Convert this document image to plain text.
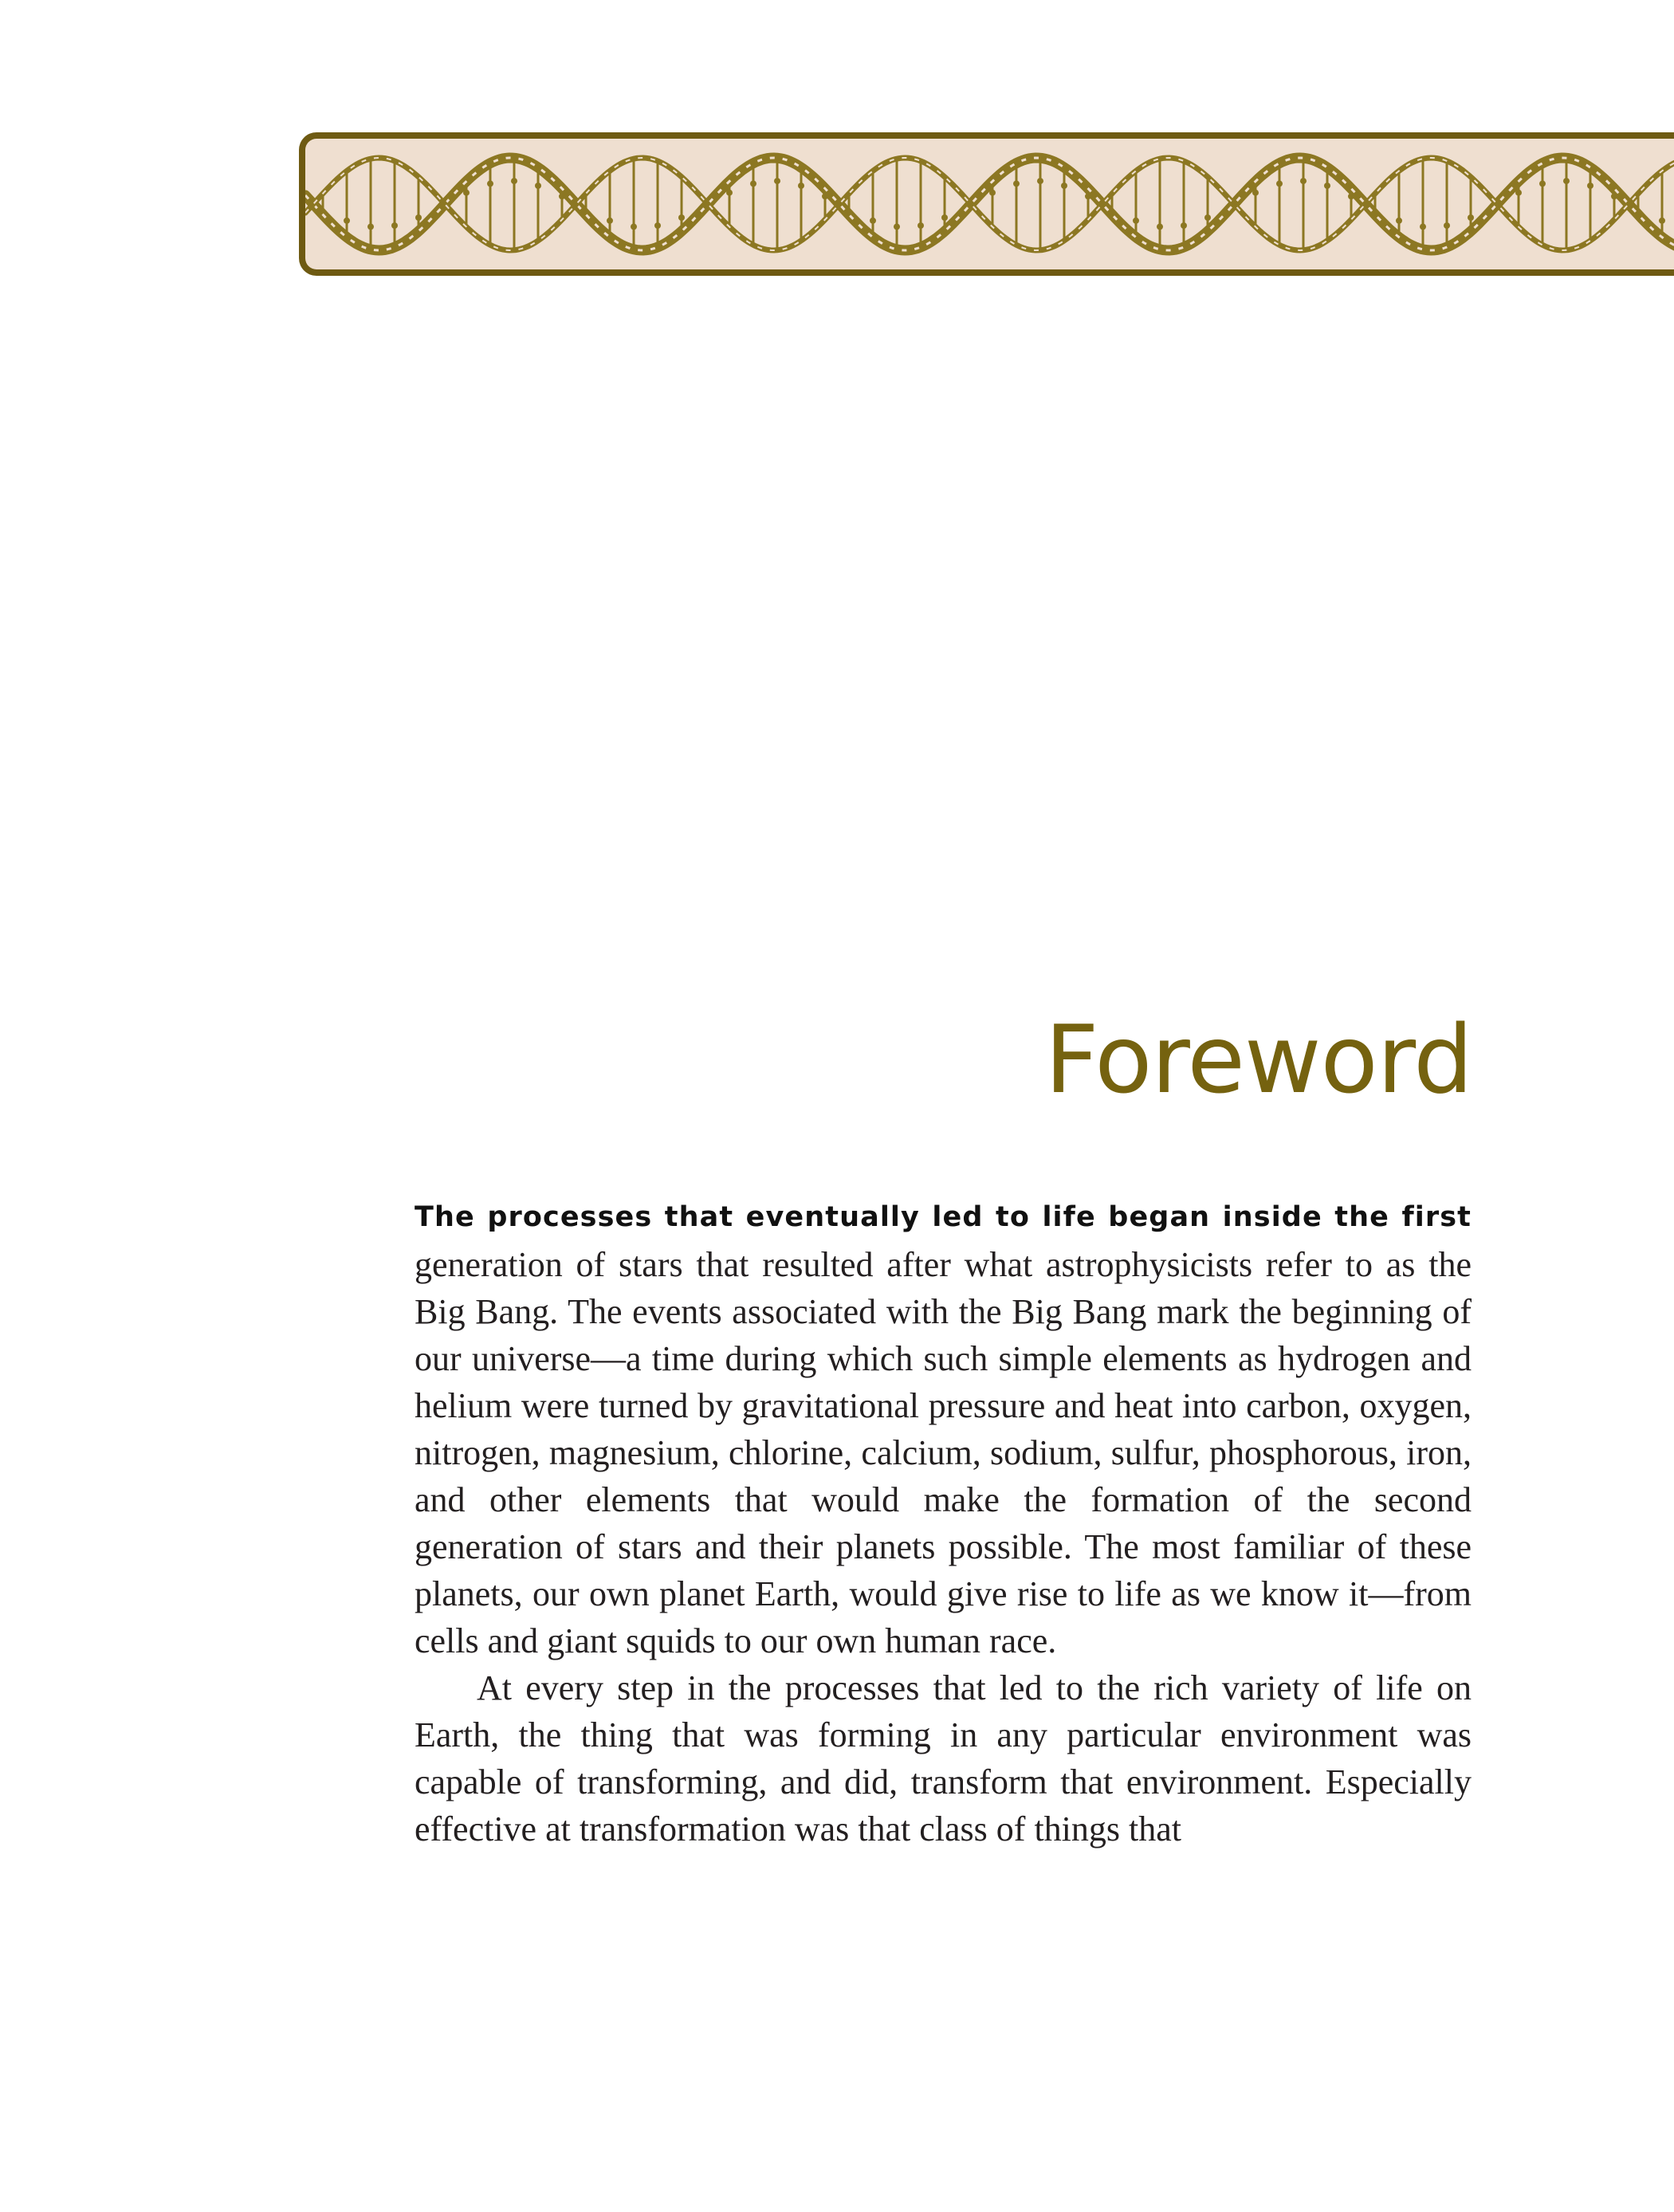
Foreword

The processes that eventually led to life began inside the first generation of stars that resulted after what astrophysicists refer to as the Big Bang. The events associated with the Big Bang mark the beginning of our universe—a time during which such simple elements as hydrogen and helium were turned by gravitational pressure and heat into carbon, oxygen, nitrogen, magnesium, chlorine, calcium, sodium, sulfur, phosphorous, iron, and other elements that would make the formation of the second generation of stars and their planets possible. The most familiar of these planets, our own planet Earth, would give rise to life as we know it—from cells and giant squids to our own human race.

At every step in the processes that led to the rich variety of life on Earth, the thing that was forming in any particular environment was capable of transforming, and did, transform that environment. Especially effective at transformation was that class of things that
